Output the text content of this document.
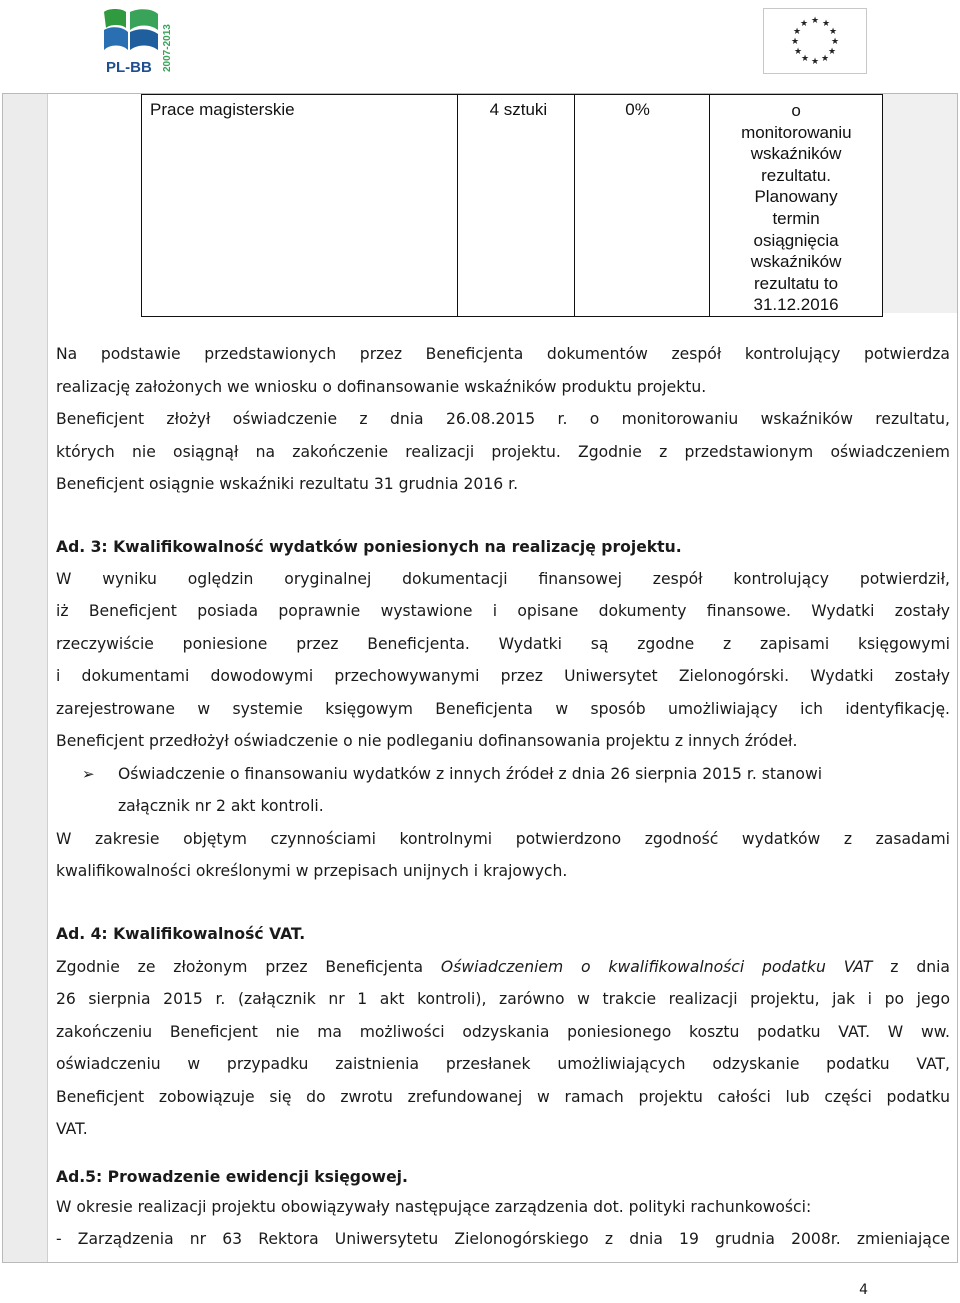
PL-BB 2007-2013
★ ★
★
★
★
★
★
★
★
★
★
★
Prace magisterskie	4 sztuki	0%	o monitorowaniu wskaźników rezultatu. Planowany termin osiągnięcia wskaźników rezultatu to 31.12.2016

Na podstawie przedstawionych przez Beneficjenta dokumentów zespół kontrolujący potwierdza

realizację założonych we wniosku o dofinansowanie wskaźników produktu projektu.

Beneficjent złożył oświadczenie z dnia 26.08.2015 r. o monitorowaniu wskaźników rezultatu,

których nie osiągnął na zakończenie realizacji projektu. Zgodnie z przedstawionym oświadczeniem

Beneficjent osiągnie wskaźniki rezultatu 31 grudnia 2016 r.

Ad. 3: Kwalifikowalność wydatków poniesionych na realizację projektu.

W wyniku oględzin oryginalnej dokumentacji finansowej zespół kontrolujący potwierdził,

iż Beneficjent posiada poprawnie wystawione i opisane dokumenty finansowe. Wydatki zostały

rzeczywiście poniesione przez Beneficjenta. Wydatki są zgodne z zapisami księgowymi

i dokumentami dowodowymi przechowywanymi przez Uniwersytet Zielonogórski. Wydatki zostały

zarejestrowane w systemie księgowym Beneficjenta w sposób umożliwiający ich identyfikację.

Beneficjent przedłożył oświadczenie o nie podleganiu dofinansowania projektu z innych źródeł.

➢ Oświadczenie o finansowaniu wydatków z innych źródeł z dnia 26 sierpnia 2015 r. stanowi

załącznik nr 2 akt kontroli.

W zakresie objętym czynnościami kontrolnymi potwierdzono zgodność wydatków z zasadami

kwalifikowalności określonymi w przepisach unijnych i krajowych.

Ad. 4: Kwalifikowalność VAT.

Zgodnie ze złożonym przez Beneficjenta Oświadczeniem o kwalifikowalności podatku VAT z dnia

26 sierpnia 2015 r. (załącznik nr 1 akt kontroli), zarówno w trakcie realizacji projektu, jak i po jego

zakończeniu Beneficjent nie ma możliwości odzyskania poniesionego kosztu podatku VAT. W ww.

oświadczeniu w przypadku zaistnienia przesłanek umożliwiających odzyskanie podatku VAT,

Beneficjent zobowiązuje się do zwrotu zrefundowanej w ramach projektu całości lub części podatku

VAT.

Ad.5: Prowadzenie ewidencji księgowej.

W okresie realizacji projektu obowiązywały następujące zarządzenia dot. polityki rachunkowości:

- Zarządzenia nr 63 Rektora Uniwersytetu Zielonogórskiego z dnia 19 grudnia 2008r. zmieniające

4
